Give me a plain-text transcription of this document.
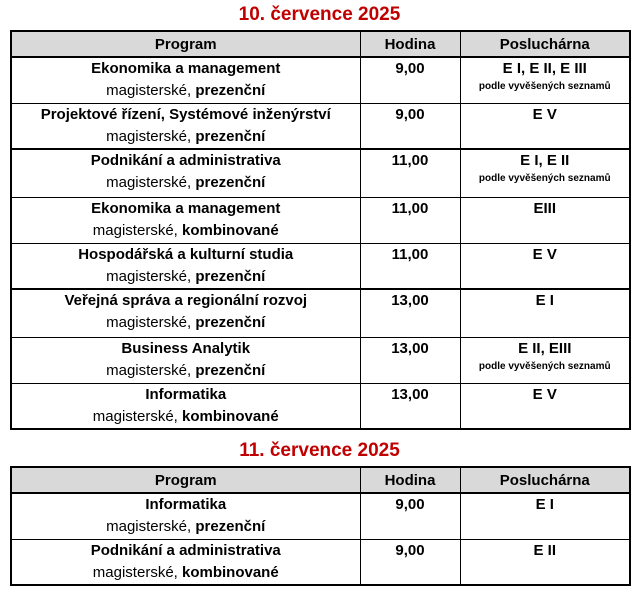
10. července 2025
Program	Hodina	Posluchárna

Ekonomika a management
magisterské, prezenční	9,00	E I, E II, E III
podle vyvěšených seznamů

Projektové řízení, Systémové inženýrství
magisterské, prezenční	9,00	E V

Podnikání a administrativa
magisterské, prezenční	11,00	E I, E II
podle vyvěšených seznamů

Ekonomika a management
magisterské, kombinované	11,00	EIII

Hospodářská a kulturní studia
magisterské, prezenční	11,00	E V

Veřejná správa a regionální rozvoj
magisterské, prezenční	13,00	E I

Business Analytik
magisterské, prezenční	13,00	E II, EIII
podle vyvěšených seznamů

Informatika
magisterské, kombinované	13,00	E V
11. července 2025
Program	Hodina	Posluchárna

Informatika
magisterské, prezenční	9,00	E I

Podnikání a administrativa
magisterské, kombinované	9,00	E II
